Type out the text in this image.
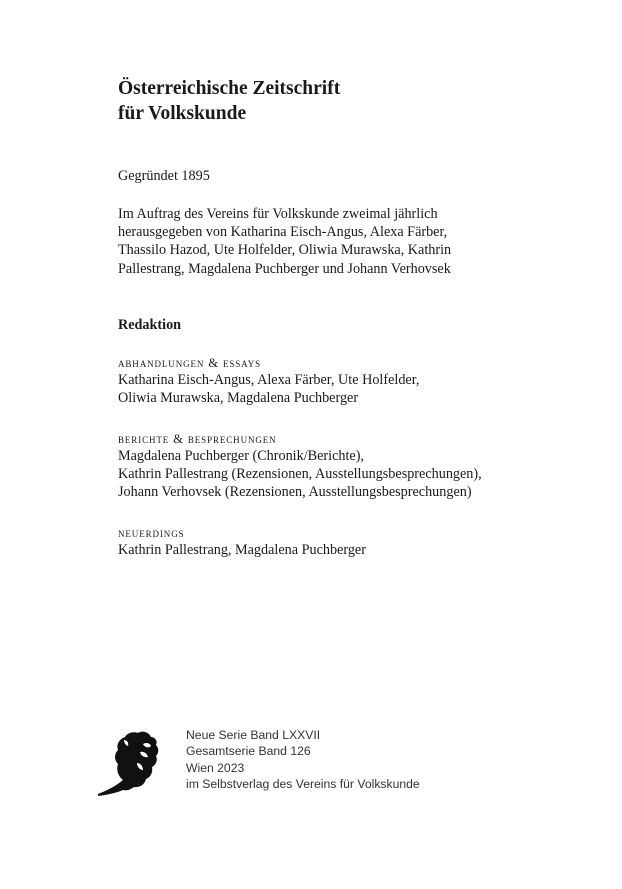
Österreichische Zeitschrift
für Volkskunde
Gegründet 1895
Im Auftrag des Vereins für Volkskunde zweimal jährlich
herausgegeben von Katharina Eisch-Angus, Alexa Färber,
Thassilo Hazod, Ute Holfelder, Oliwia Murawska, Kathrin
Pallestrang, Magdalena Puchberger und Johann Verhovsek
Redaktion
abhandlungen & essays
Katharina Eisch-Angus, Alexa Färber, Ute Holfelder,
Oliwia Murawska, Magdalena Puchberger
berichte & besprechungen
Magdalena Puchberger (Chronik/Berichte),
Kathrin Pallestrang (Rezensionen, Ausstellungsbesprechungen),
Johann Verhovsek (Rezensionen, Ausstellungsbesprechungen)
neuerdings
Kathrin Pallestrang, Magdalena Puchberger
Neue Serie Band LXXVII
Gesamtserie Band 126
Wien 2023
im Selbstverlag des Vereins für Volkskunde
